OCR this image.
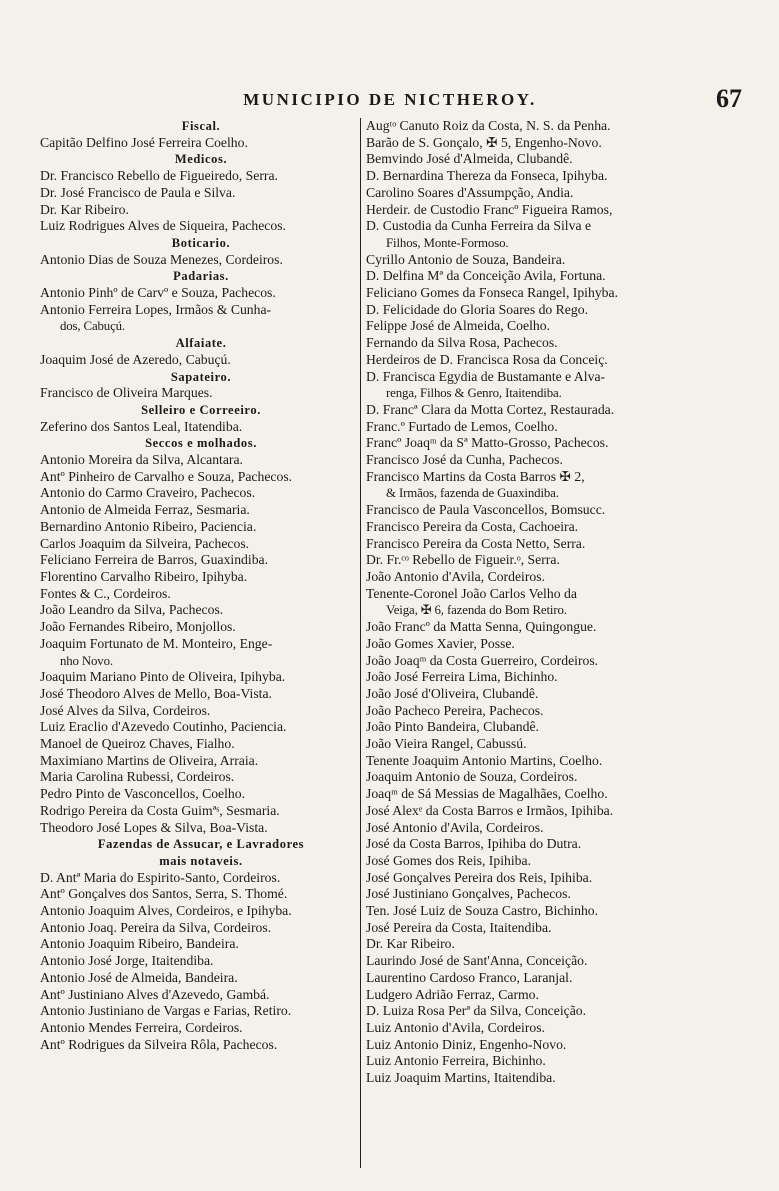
MUNICIPIO DE NICTHEROY.	67
Fiscal.
Capitão Delfino José Ferreira Coelho.
Medicos.
Dr. Francisco Rebello de Figueiredo, Serra.
Dr. José Francisco de Paula e Silva.
Dr. Kar Ribeiro.
Luiz Rodrigues Alves de Siqueira, Pachecos.
Boticario.
Antonio Dias de Souza Menezes, Cordeiros.
Padarias.
Antonio Pinhº de Carvº e Souza, Pachecos.
Antonio Ferreira Lopes, Irmãos & Cunha-
dos, Cabuçú.
Alfaiate.
Joaquim José de Azeredo, Cabuçú.
Sapateiro.
Francisco de Oliveira Marques.
Selleiro e Correeiro.
Zeferino dos Santos Leal, Itatendiba.
Seccos e molhados.
Antonio Moreira da Silva, Alcantara.
Antº Pinheiro de Carvalho e Souza, Pachecos.
Antonio do Carmo Craveiro, Pachecos.
Antonio de Almeida Ferraz, Sesmaria.
Bernardino Antonio Ribeiro, Paciencia.
Carlos Joaquim da Silveira, Pachecos.
Feliciano Ferreira de Barros, Guaxindiba.
Florentino Carvalho Ribeiro, Ipihyba.
Fontes & C., Cordeiros.
João Leandro da Silva, Pachecos.
João Fernandes Ribeiro, Monjollos.
Joaquim Fortunato de M. Monteiro, Enge-
nho Novo.
Joaquim Mariano Pinto de Oliveira, Ipihyba.
José Theodoro Alves de Mello, Boa-Vista.
José Alves da Silva, Cordeiros.
Luiz Eraclio d'Azevedo Coutinho, Paciencia.
Manoel de Queiroz Chaves, Fialho.
Maximiano Martins de Oliveira, Arraia.
Maria Carolina Rubessi, Cordeiros.
Pedro Pinto de Vasconcellos, Coelho.
Rodrigo Pereira da Costa Guimªˢ, Sesmaria.
Theodoro José Lopes & Silva, Boa-Vista.
Fazendas de Assucar, e Lavradores
mais notaveis.
D. Antª Maria do Espirito-Santo, Cordeiros.
Antº Gonçalves dos Santos, Serra, S. Thomé.
Antonio Joaquim Alves, Cordeiros, e Ipihyba.
Antonio Joaq. Pereira da Silva, Cordeiros.
Antonio Joaquim Ribeiro, Bandeira.
Antonio José Jorge, Itaitendiba.
Antonio José de Almeida, Bandeira.
Antº Justiniano Alves d'Azevedo, Gambá.
Antonio Justiniano de Vargas e Farias, Retiro.
Antonio Mendes Ferreira, Cordeiros.
Antº Rodrigues da Silveira Rôla, Pachecos.
Augᵗᵒ Canuto Roiz da Costa, N. S. da Penha.
Barão de S. Gonçalo, ✠ 5, Engenho-Novo.
Bemvindo José d'Almeida, Clubandê.
D. Bernardina Thereza da Fonseca, Ipihyba.
Carolino Soares d'Assumpção, Andia.
Herdeir. de Custodio Francº Figueira Ramos,
D. Custodia da Cunha Ferreira da Silva e
Filhos, Monte-Formoso.
Cyrillo Antonio de Souza, Bandeira.
D. Delfina Mª da Conceição Avila, Fortuna.
Feliciano Gomes da Fonseca Rangel, Ipihyba.
D. Felicidade do Gloria Soares do Rego.
Felippe José de Almeida, Coelho.
Fernando da Silva Rosa, Pachecos.
Herdeiros de D. Francisca Rosa da Conceiç.
D. Francisca Egydia de Bustamante e Alva-
renga, Filhos & Genro, Itaitendiba.
D. Francª Clara da Motta Cortez, Restaurada.
Franc.º Furtado de Lemos, Coelho.
Francº Joaqᵐ da Sª Matto-Grosso, Pachecos.
Francisco José da Cunha, Pachecos.
Francisco Martins da Costa Barros ✠ 2,
& Irmãos, fazenda de Guaxindiba.
Francisco de Paula Vasconcellos, Bomsucc.
Francisco Pereira da Costa, Cachoeira.
Francisco Pereira da Costa Netto, Serra.
Dr. Fr.ᶜᵒ Rebello de Figueir.ᵒ, Serra.
João Antonio d'Avila, Cordeiros.
Tenente-Coronel João Carlos Velho da
Veiga, ✠ 6, fazenda do Bom Retiro.
João Francº da Matta Senna, Quingongue.
João Gomes Xavier, Posse.
João Joaqᵐ da Costa Guerreiro, Cordeiros.
João José Ferreira Lima, Bichinho.
João José d'Oliveira, Clubandê.
João Pacheco Pereira, Pachecos.
João Pinto Bandeira, Clubandê.
João Vieira Rangel, Cabussú.
Tenente Joaquim Antonio Martins, Coelho.
Joaquim Antonio de Souza, Cordeiros.
Joaqᵐ de Sá Messias de Magalhães, Coelho.
José Alexᵉ da Costa Barros e Irmãos, Ipihiba.
José Antonio d'Avila, Cordeiros.
José da Costa Barros, Ipihiba do Dutra.
José Gomes dos Reis, Ipihiba.
José Gonçalves Pereira dos Reis, Ipihiba.
José Justiniano Gonçalves, Pachecos.
Ten. José Luiz de Souza Castro, Bichinho.
José Pereira da Costa, Itaitendiba.
Dr. Kar Ribeiro.
Laurindo José de Sant'Anna, Conceição.
Laurentino Cardoso Franco, Laranjal.
Ludgero Adrião Ferraz, Carmo.
D. Luiza Rosa Perª da Silva, Conceição.
Luiz Antonio d'Avila, Cordeiros.
Luiz Antonio Diniz, Engenho-Novo.
Luiz Antonio Ferreira, Bichinho.
Luiz Joaquim Martins, Itaitendiba.
